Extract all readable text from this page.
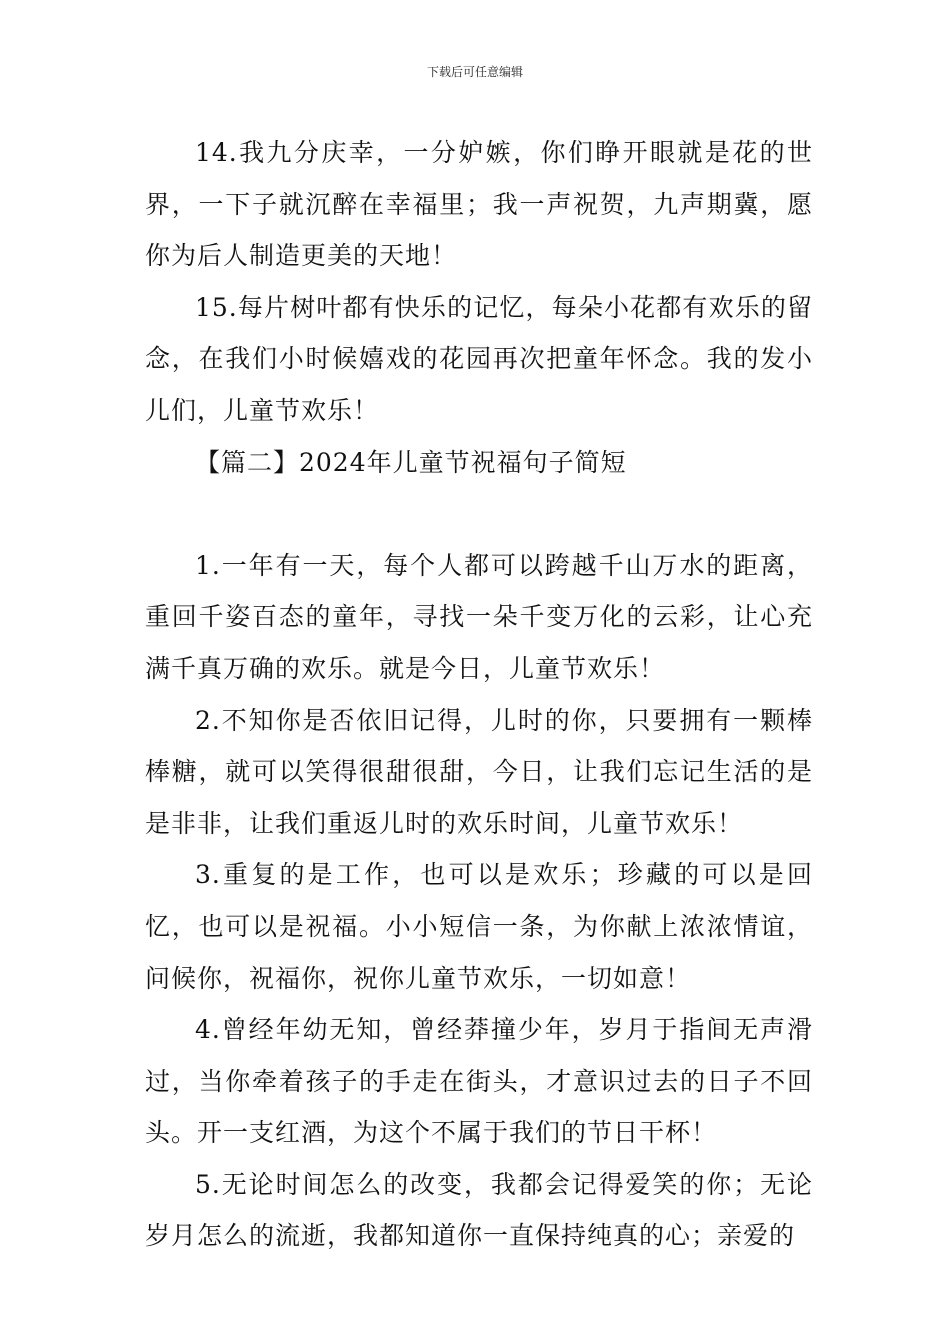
下载后可任意编辑

14.我九分庆幸，一分妒嫉，你们睁开眼就是花的世界，一下子就沉醉在幸福里；我一声祝贺，九声期冀，愿你为后人制造更美的天地！

15.每片树叶都有快乐的记忆，每朵小花都有欢乐的留念，在我们小时候嬉戏的花园再次把童年怀念。我的发小儿们，儿童节欢乐！

【篇二】2024年儿童节祝福句子简短

1.一年有一天，每个人都可以跨越千山万水的距离，重回千姿百态的童年，寻找一朵千变万化的云彩，让心充满千真万确的欢乐。就是今日，儿童节欢乐！

2.不知你是否依旧记得，儿时的你，只要拥有一颗棒棒糖，就可以笑得很甜很甜，今日，让我们忘记生活的是是非非，让我们重返儿时的欢乐时间，儿童节欢乐！

3.重复的是工作，也可以是欢乐；珍藏的可以是回忆，也可以是祝福。小小短信一条，为你献上浓浓情谊，问候你，祝福你，祝你儿童节欢乐，一切如意！

4.曾经年幼无知，曾经莽撞少年，岁月于指间无声滑过，当你牵着孩子的手走在街头，才意识过去的日子不回头。开一支红酒，为这个不属于我们的节日干杯！

5.无论时间怎么的改变，我都会记得爱笑的你；无论岁月怎么的流逝，我都知道你一直保持纯真的心；亲爱的
